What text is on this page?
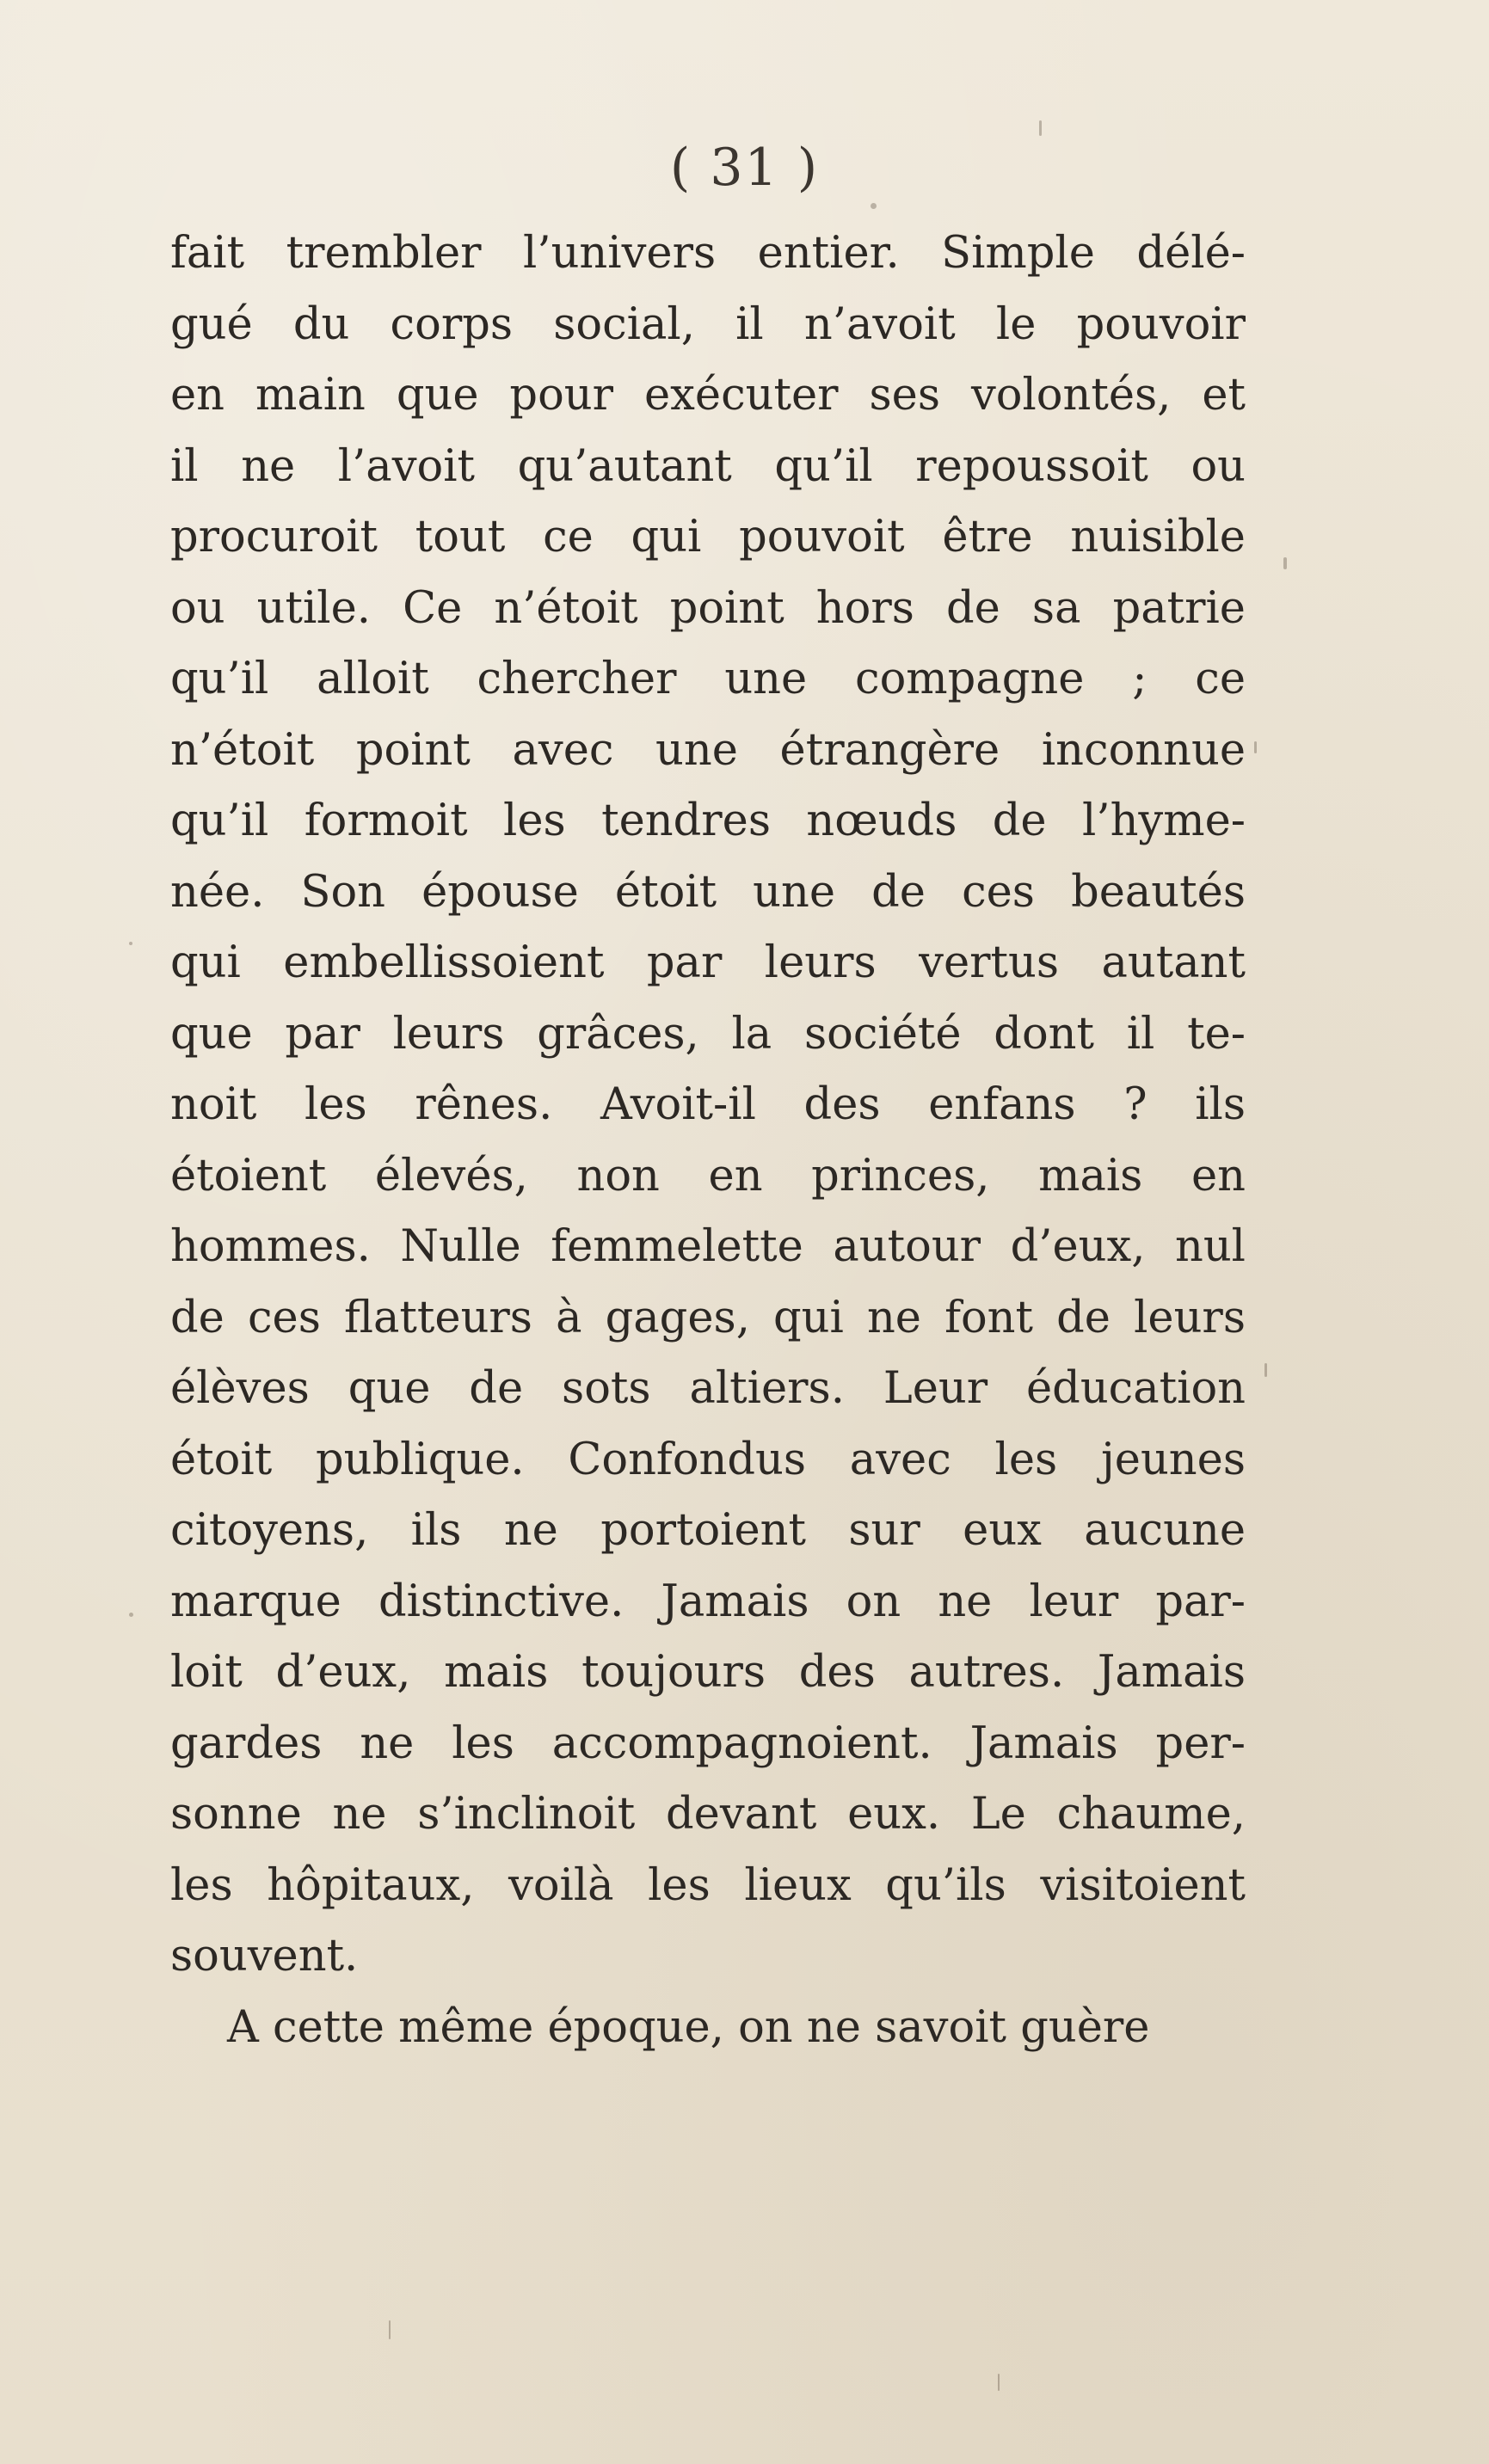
( 31 )
fait trembler l’univers entier. Simple délé-
gué du corps social, il n’avoit le pouvoir
en main que pour exécuter ses volontés, et
il ne l’avoit qu’autant qu’il repoussoit ou
procuroit tout ce qui pouvoit être nuisible
ou utile. Ce n’étoit point hors de sa patrie
qu’il alloit chercher une compagne ; ce
n’étoit point avec une étrangère inconnue
qu’il formoit les tendres nœuds de l’hyme-
née. Son épouse étoit une de ces beautés
qui embellissoient par leurs vertus autant
que par leurs grâces, la société dont il te-
noit les rênes. Avoit-il des enfans ? ils
étoient élevés, non en princes, mais en
hommes. Nulle femmelette autour d’eux, nul
de ces flatteurs à gages, qui ne font de leurs
élèves que de sots altiers. Leur éducation
étoit publique. Confondus avec les jeunes
citoyens, ils ne portoient sur eux aucune
marque distinctive. Jamais on ne leur par-
loit d’eux, mais toujours des autres. Jamais
gardes ne les accompagnoient. Jamais per-
sonne ne s’inclinoit devant eux. Le chaume,
les hôpitaux, voilà les lieux qu’ils visitoient
souvent.
A cette même époque, on ne savoit guère
